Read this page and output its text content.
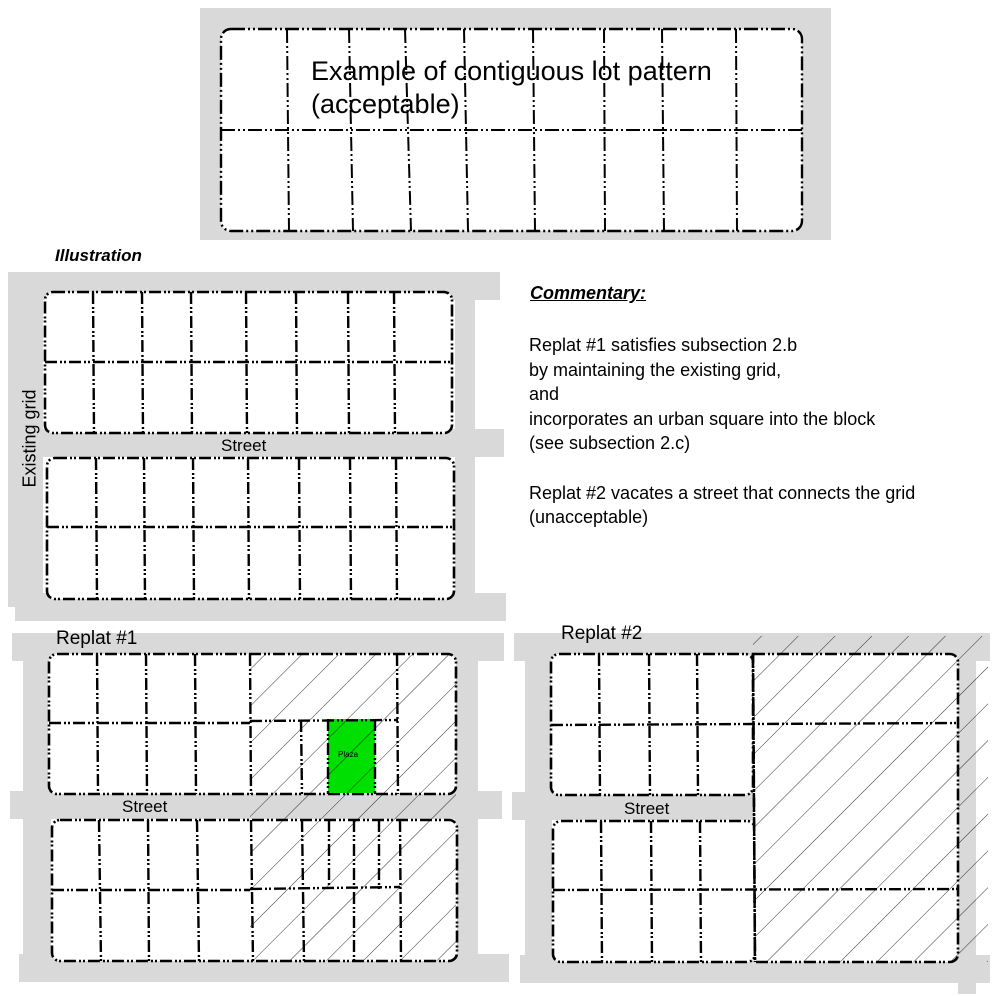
Example of contiguous lot pattern
(acceptable)
Illustration
Existing grid	Street
Commentary:
Replat #1 satisfies subsection 2.b
by maintaining the existing grid,
and
incorporates an urban square into the block
(see subsection 2.c)
Replat #2 vacates a street that connects the grid
(unacceptable)
Replat #1
Street
Plaza
Replat #2
Street
